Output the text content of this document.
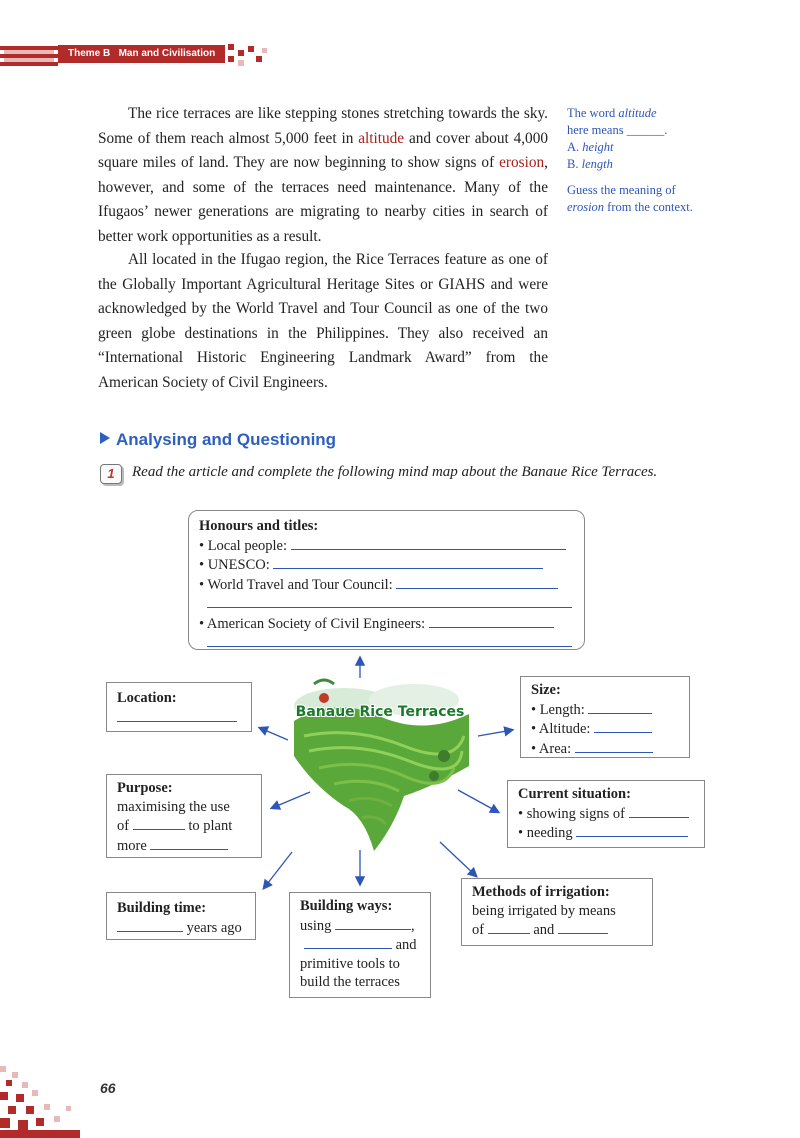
Theme B Man and Civilisation
The rice terraces are like stepping stones stretching towards the sky. Some of them reach almost 5,000 feet in altitude and cover about 4,000 square miles of land. They are now beginning to show signs of erosion, however, and some of the terraces need maintenance. Many of the Ifugaos’ newer generations are migrating to nearby cities in search of better work opportunities as a result.
All located in the Ifugao region, the Rice Terraces feature as one of the Globally Important Agricultural Heritage Sites or GIAHS and were acknowledged by the World Travel and Tour Council as one of the two green globe destinations in the Philippines. They also received an “International Historic Engineering Landmark Award” from the American Society of Civil Engineers.
The word altitude
here means ______.
A. height
B. length
Guess the meaning of
erosion from the context.
Analysing and Questioning
1	Read the article and complete the following mind map about the Banaue Rice Terraces.
Banaue Rice Terraces
Honours and titles:
• Local people:
• UNESCO:
• World Travel and Tour Council:
• American Society of Civil Engineers:
Location:	Size:
• Length:
• Altitude:
• Area:
Purpose:
maximising the use
of	to plant
more
Current situation:
• showing signs of
• needing
Building time:
years ago
Building ways:
using	,
and
primitive tools to
build the terraces
Methods of irrigation:
being irrigated by means
of	and
66
